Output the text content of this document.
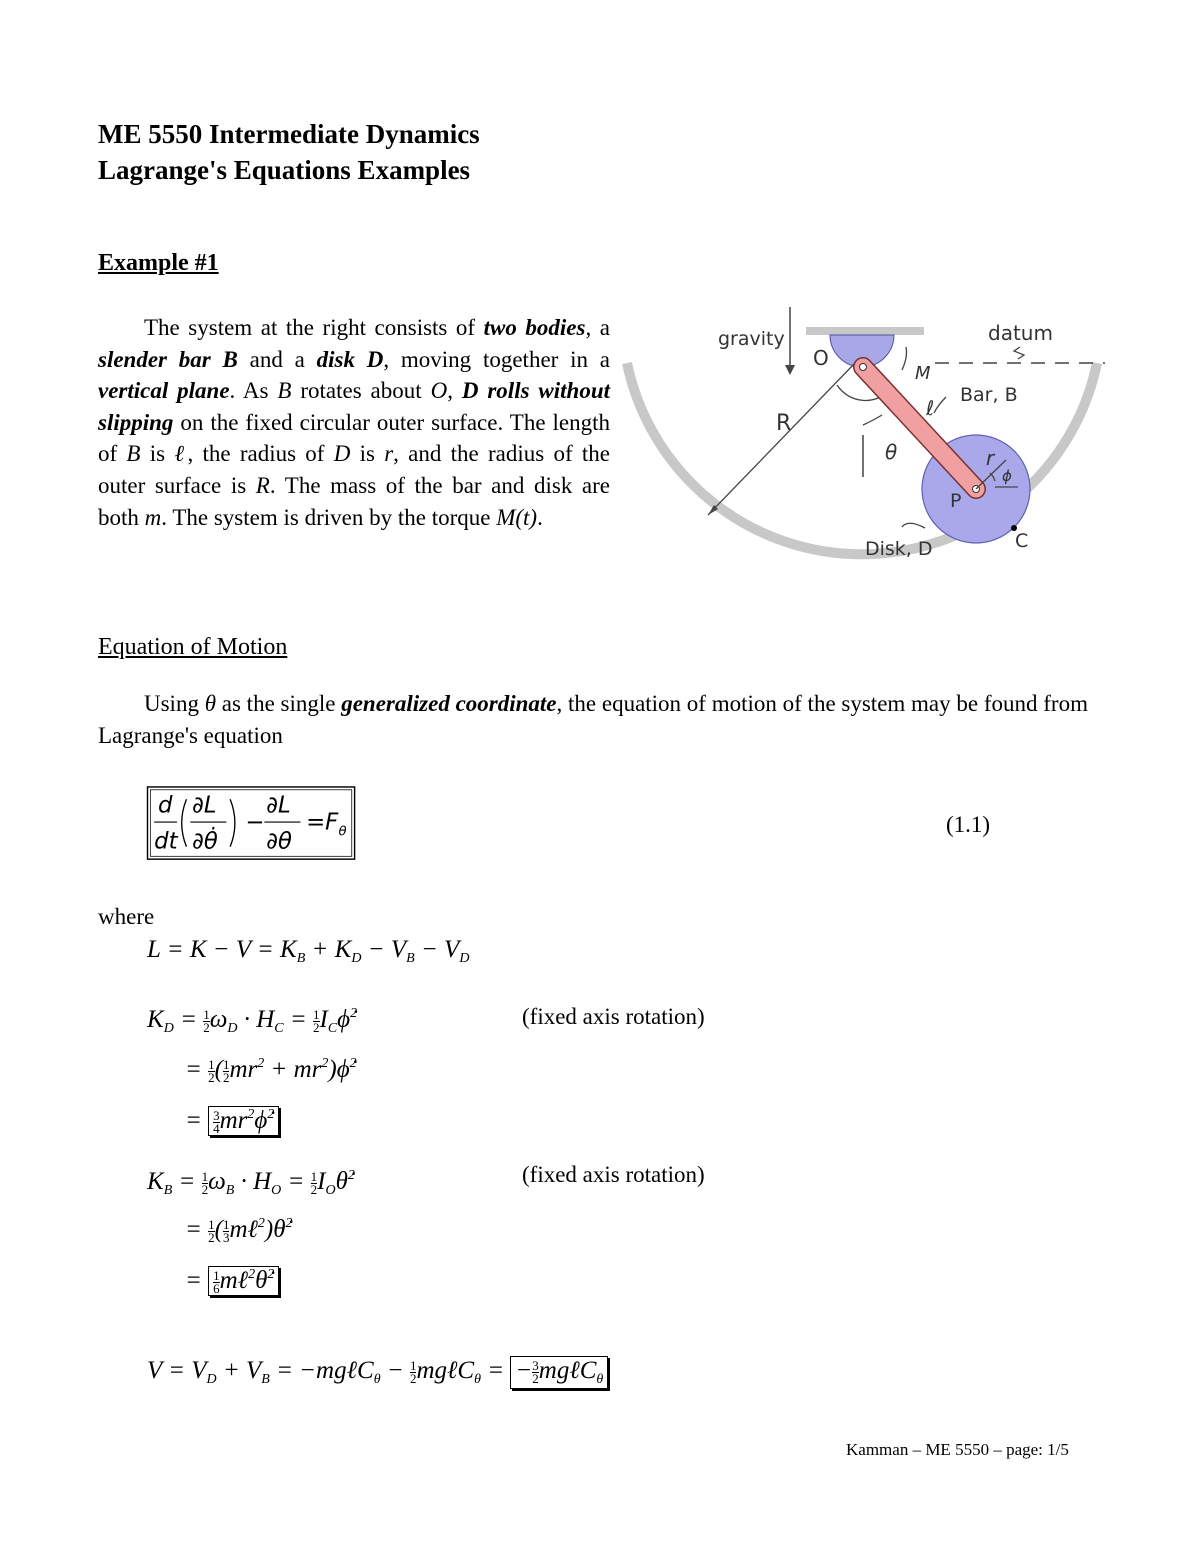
ME 5550 Intermediate Dynamics
Lagrange's Equations Examples
Example #1

The system at the right consists of two bodies, a slender bar B and a disk D, moving together in a vertical plane. As B rotates about O, D rolls without slipping on the fixed circular outer surface. The length of B is ℓ, the radius of D is r, and the radius of the outer surface is R. The mass of the bar and disk are both m. The system is driven by the torque M(t).

gravity	datum
O
M
ℓ
Bar, B
R
θ	r
ϕ
P
Disk, D	C
Equation of Motion

Using θ as the single generalized coordinate, the equation of motion of the system may be found from Lagrange's equation

d
dt
∂L
∂θ̇
−
∂L
∂θ
= F θ	(1.1)
where
$L = K - V = K_B + K_D - V_B - V_D$
$K_D = \frac{1}{2} \omega_D \cdot H_C = \frac{1}{2}$ $I_C\phi̇^2$	(fixed axis rotation)
= $\frac{1}{2}$ ( $\frac{1}{2} mr^2$ + $mr^2)\phi̇^2$
= $\frac{3}{4}$ $mr^2\phi̇^2$
$K_B = \frac{1}{2} \omega_B \cdot H_O = \frac{1}{2}$ $I_O\thetȧ^2$	(fixed axis rotation)
= $\frac{1}{2}$ ( $\frac{1}{3}$ mℓ$^2$)θ̇$^2$
= $\frac{1}{6}$ mℓ$^2$θ̇$^2$
$V = V_D + V_B$ = −mgℓC$_\theta$ − $\frac{1}{2}$ mgℓC$_\theta$ = − $\frac{3}{2}$ mgℓC$_\theta$
Kamman – ME 5550 – page: 1/5
